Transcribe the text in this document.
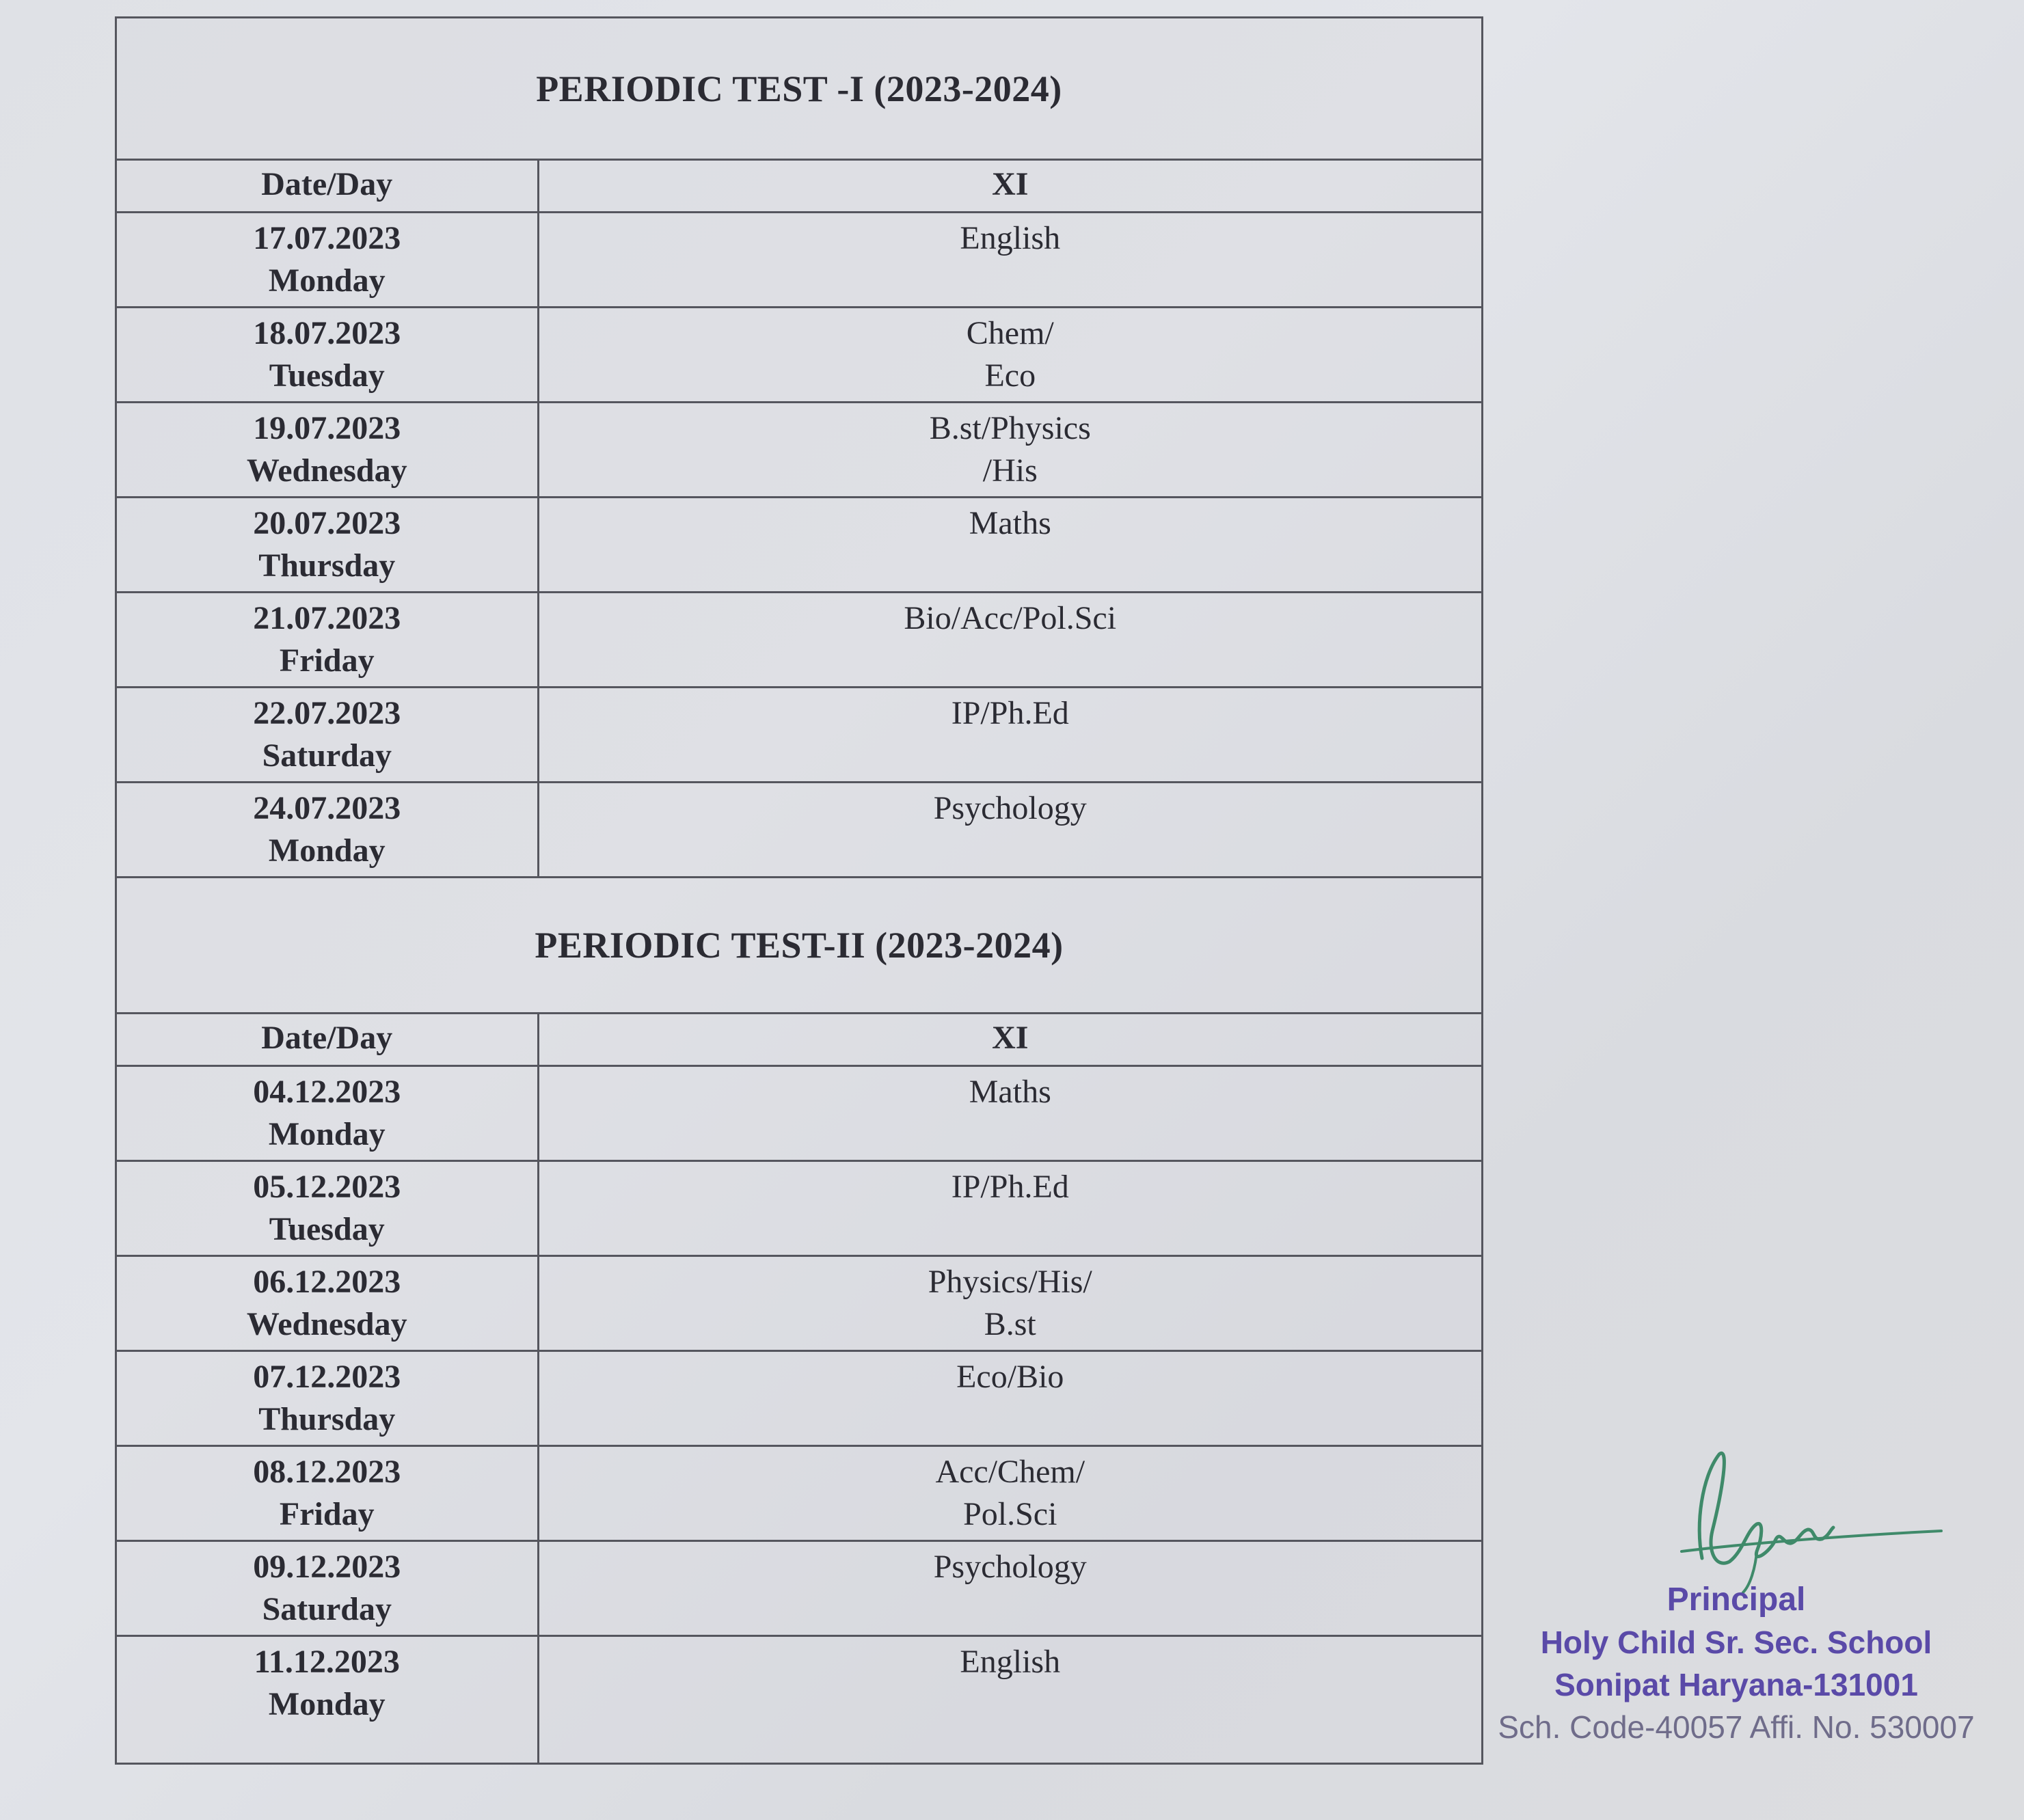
PERIODIC TEST -I (2023-2024)
Date/Day	XI

17.07.2023
Monday	English

18.07.2023
Tuesday	Chem/
Eco

19.07.2023
Wednesday	B.st/Physics
/His

20.07.2023
Thursday	Maths

21.07.2023
Friday	Bio/Acc/Pol.Sci

22.07.2023
Saturday	IP/Ph.Ed

24.07.2023
Monday	Psychology
PERIODIC TEST-II (2023-2024)
Date/Day	XI

04.12.2023
Monday	Maths

05.12.2023
Tuesday	IP/Ph.Ed

06.12.2023
Wednesday	Physics/His/
B.st

07.12.2023
Thursday	Eco/Bio

08.12.2023
Friday	Acc/Chem/
Pol.Sci

09.12.2023
Saturday	Psychology

11.12.2023
Monday	English
Principal
Holy Child Sr. Sec. School
Sonipat Haryana-131001
Sch. Code-40057 Affi. No. 530007
